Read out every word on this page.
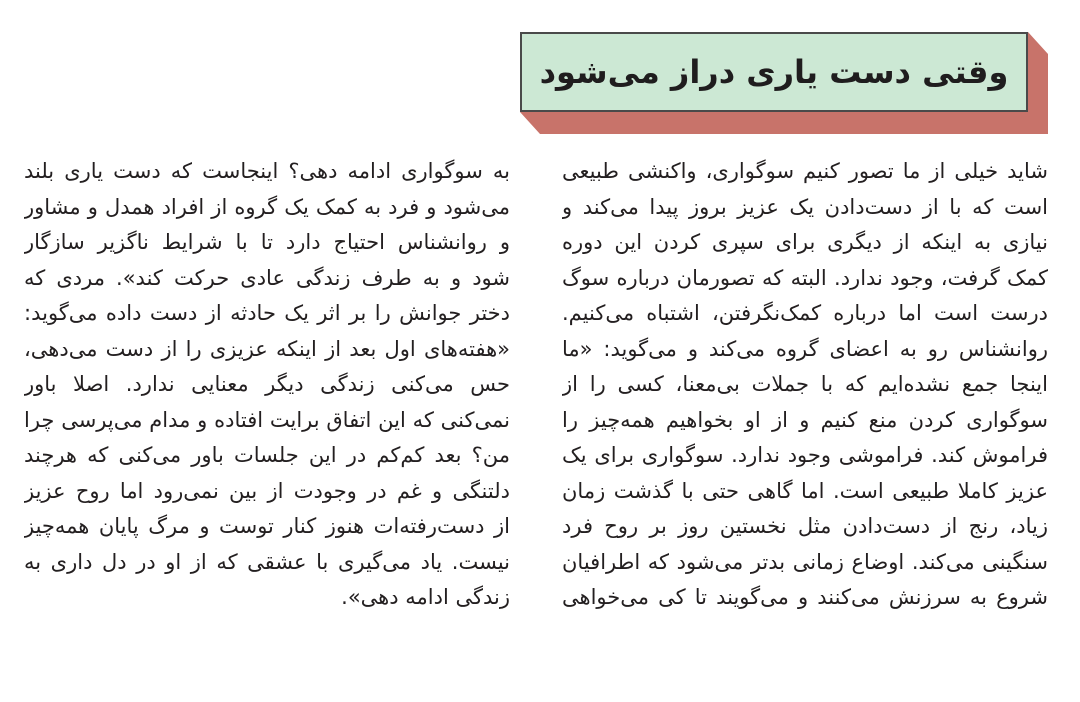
وقتی دست یاری دراز می‌شود
شاید خیلی از ما تصور کنیم سوگواری، واکنشی طبیعی
است که با از دست‌دادن یک عزیز بروز پیدا می‌کند و
نیازی به اینکه از دیگری برای سپری کردن این دوره
کمک گرفت، وجود ندارد. البته که تصورمان درباره سوگ
درست است اما درباره کمک‌نگرفتن، اشتباه می‌کنیم.
روانشناس رو به اعضای گروه می‌کند و می‌گوید: «ما
اینجا جمع نشده‌ایم که با جملات بی‌معنا، کسی را از
سوگواری کردن منع کنیم و از او بخواهیم همه‌چیز را
فراموش کند. فراموشی وجود ندارد. سوگواری برای یک
عزیز کاملا طبیعی است. اما گاهی حتی با گذشت زمان
زیاد، رنج از دست‌دادن مثل نخستین روز بر روح فرد
سنگینی می‌کند. اوضاع زمانی بدتر می‌شود که اطرافیان
شروع به سرزنش می‌کنند و می‌گویند تا کی می‌خواهی
به سوگواری ادامه دهی؟ اینجاست که دست یاری بلند
می‌شود و فرد به کمک یک گروه از افراد همدل و مشاور
و روانشناس احتیاج دارد تا با شرایط ناگزیر سازگار
شود و به طرف زندگی عادی حرکت کند». مردی که
دختر جوانش را بر اثر یک حادثه از دست داده می‌گوید:
«هفته‌های اول بعد از اینکه عزیزی را از دست می‌دهی،
حس می‌کنی زندگی دیگر معنایی ندارد. اصلا باور
نمی‌کنی که این اتفاق برایت افتاده و مدام می‌پرسی چرا
من؟ بعد کم‌کم در این جلسات باور می‌کنی که هرچند
دلتنگی و غم در وجودت از بین نمی‌رود اما روح عزیز
از دست‌رفته‌ات هنوز کنار توست و مرگ پایان همه‌چیز
نیست. یاد می‌گیری با عشقی که از او در دل داری به
زندگی ادامه دهی».
